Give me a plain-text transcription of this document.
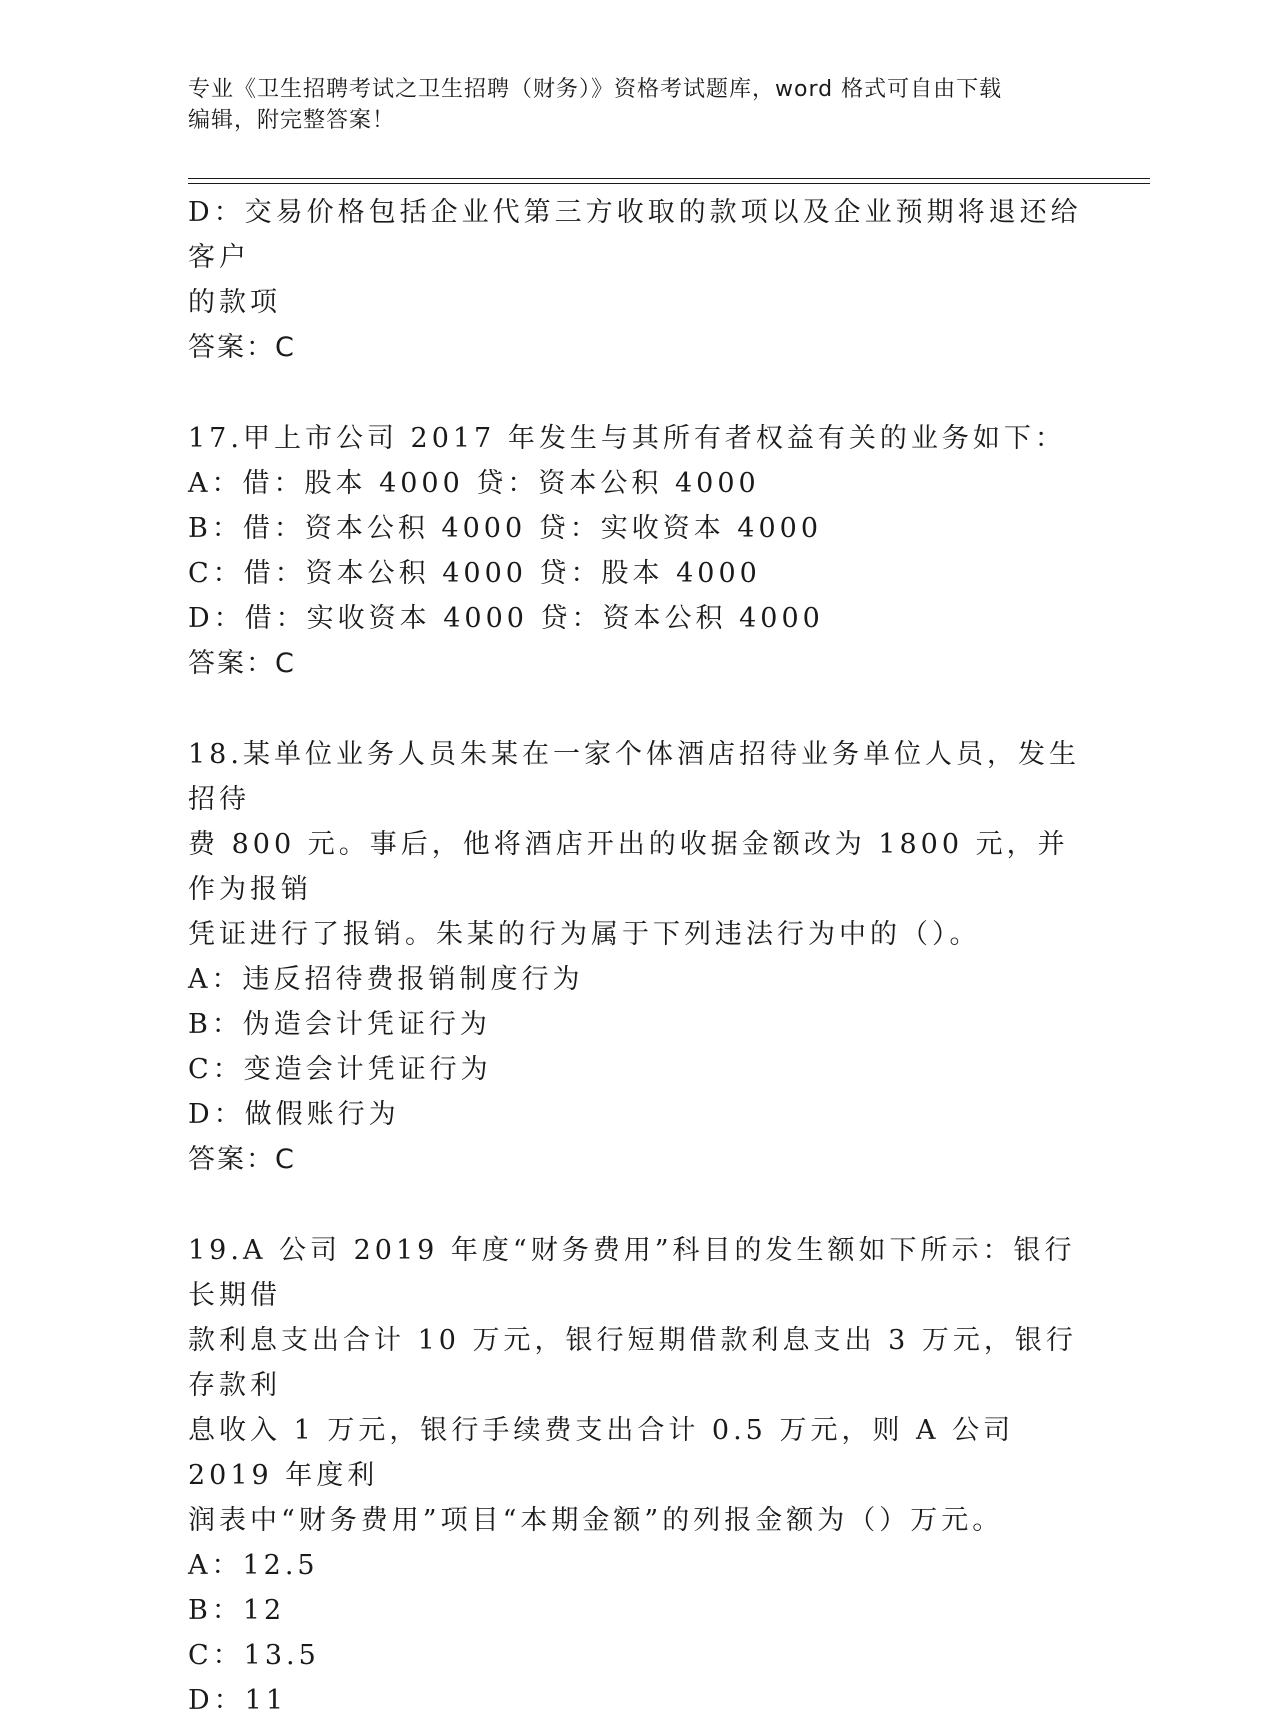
专业《卫生招聘考试之卫生招聘（财务）》资格考试题库，word 格式可自由下载
编辑，附完整答案！
D：交易价格包括企业代第三方收取的款项以及企业预期将退还给客户
的款项
答案：C
17.甲上市公司 2017 年发生与其所有者权益有关的业务如下：
A：借：股本 4000 贷：资本公积 4000
B：借：资本公积 4000 贷：实收资本 4000
C：借：资本公积 4000 贷：股本 4000
D：借：实收资本 4000 贷：资本公积 4000
答案：C
18.某单位业务人员朱某在一家个体酒店招待业务单位人员，发生招待
费 800 元。事后，他将酒店开出的收据金额改为 1800 元，并作为报销
凭证进行了报销。朱某的行为属于下列违法行为中的（）。
A：违反招待费报销制度行为
B：伪造会计凭证行为
C：变造会计凭证行为
D：做假账行为
答案：C
19.A 公司 2019 年度“财务费用”科目的发生额如下所示：银行长期借
款利息支出合计 10 万元，银行短期借款利息支出 3 万元，银行存款利
息收入 1 万元，银行手续费支出合计 0.5 万元，则 A 公司 2019 年度利
润表中“财务费用”项目“本期金额”的列报金额为（）万元。
A：12.5
B：12
C：13.5
D：11
